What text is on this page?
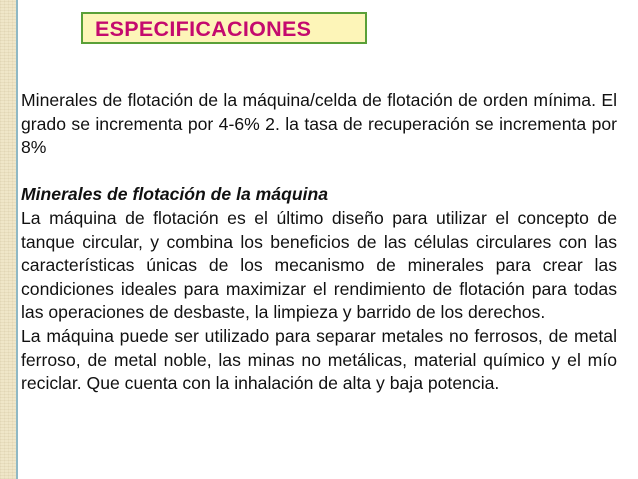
ESPECIFICACIONES

Minerales de flotación de la máquina/celda de flotación de orden mínima. El grado se incrementa por 4-6% 2. la tasa de recuperación se incrementa por 8%

Minerales de flotación de la máquina

La máquina de flotación es el último diseño para utilizar el concepto de tanque circular, y combina los beneficios de las células circulares con las características únicas de los mecanismo de minerales para crear las condiciones ideales para maximizar el rendimiento de flotación para todas las operaciones de desbaste, la limpieza y barrido de los derechos.

La máquina puede ser utilizado para separar metales no ferrosos, de metal ferroso, de metal noble, las minas no metálicas, material químico y el mío reciclar. Que cuenta con la inhalación de alta y baja potencia.
